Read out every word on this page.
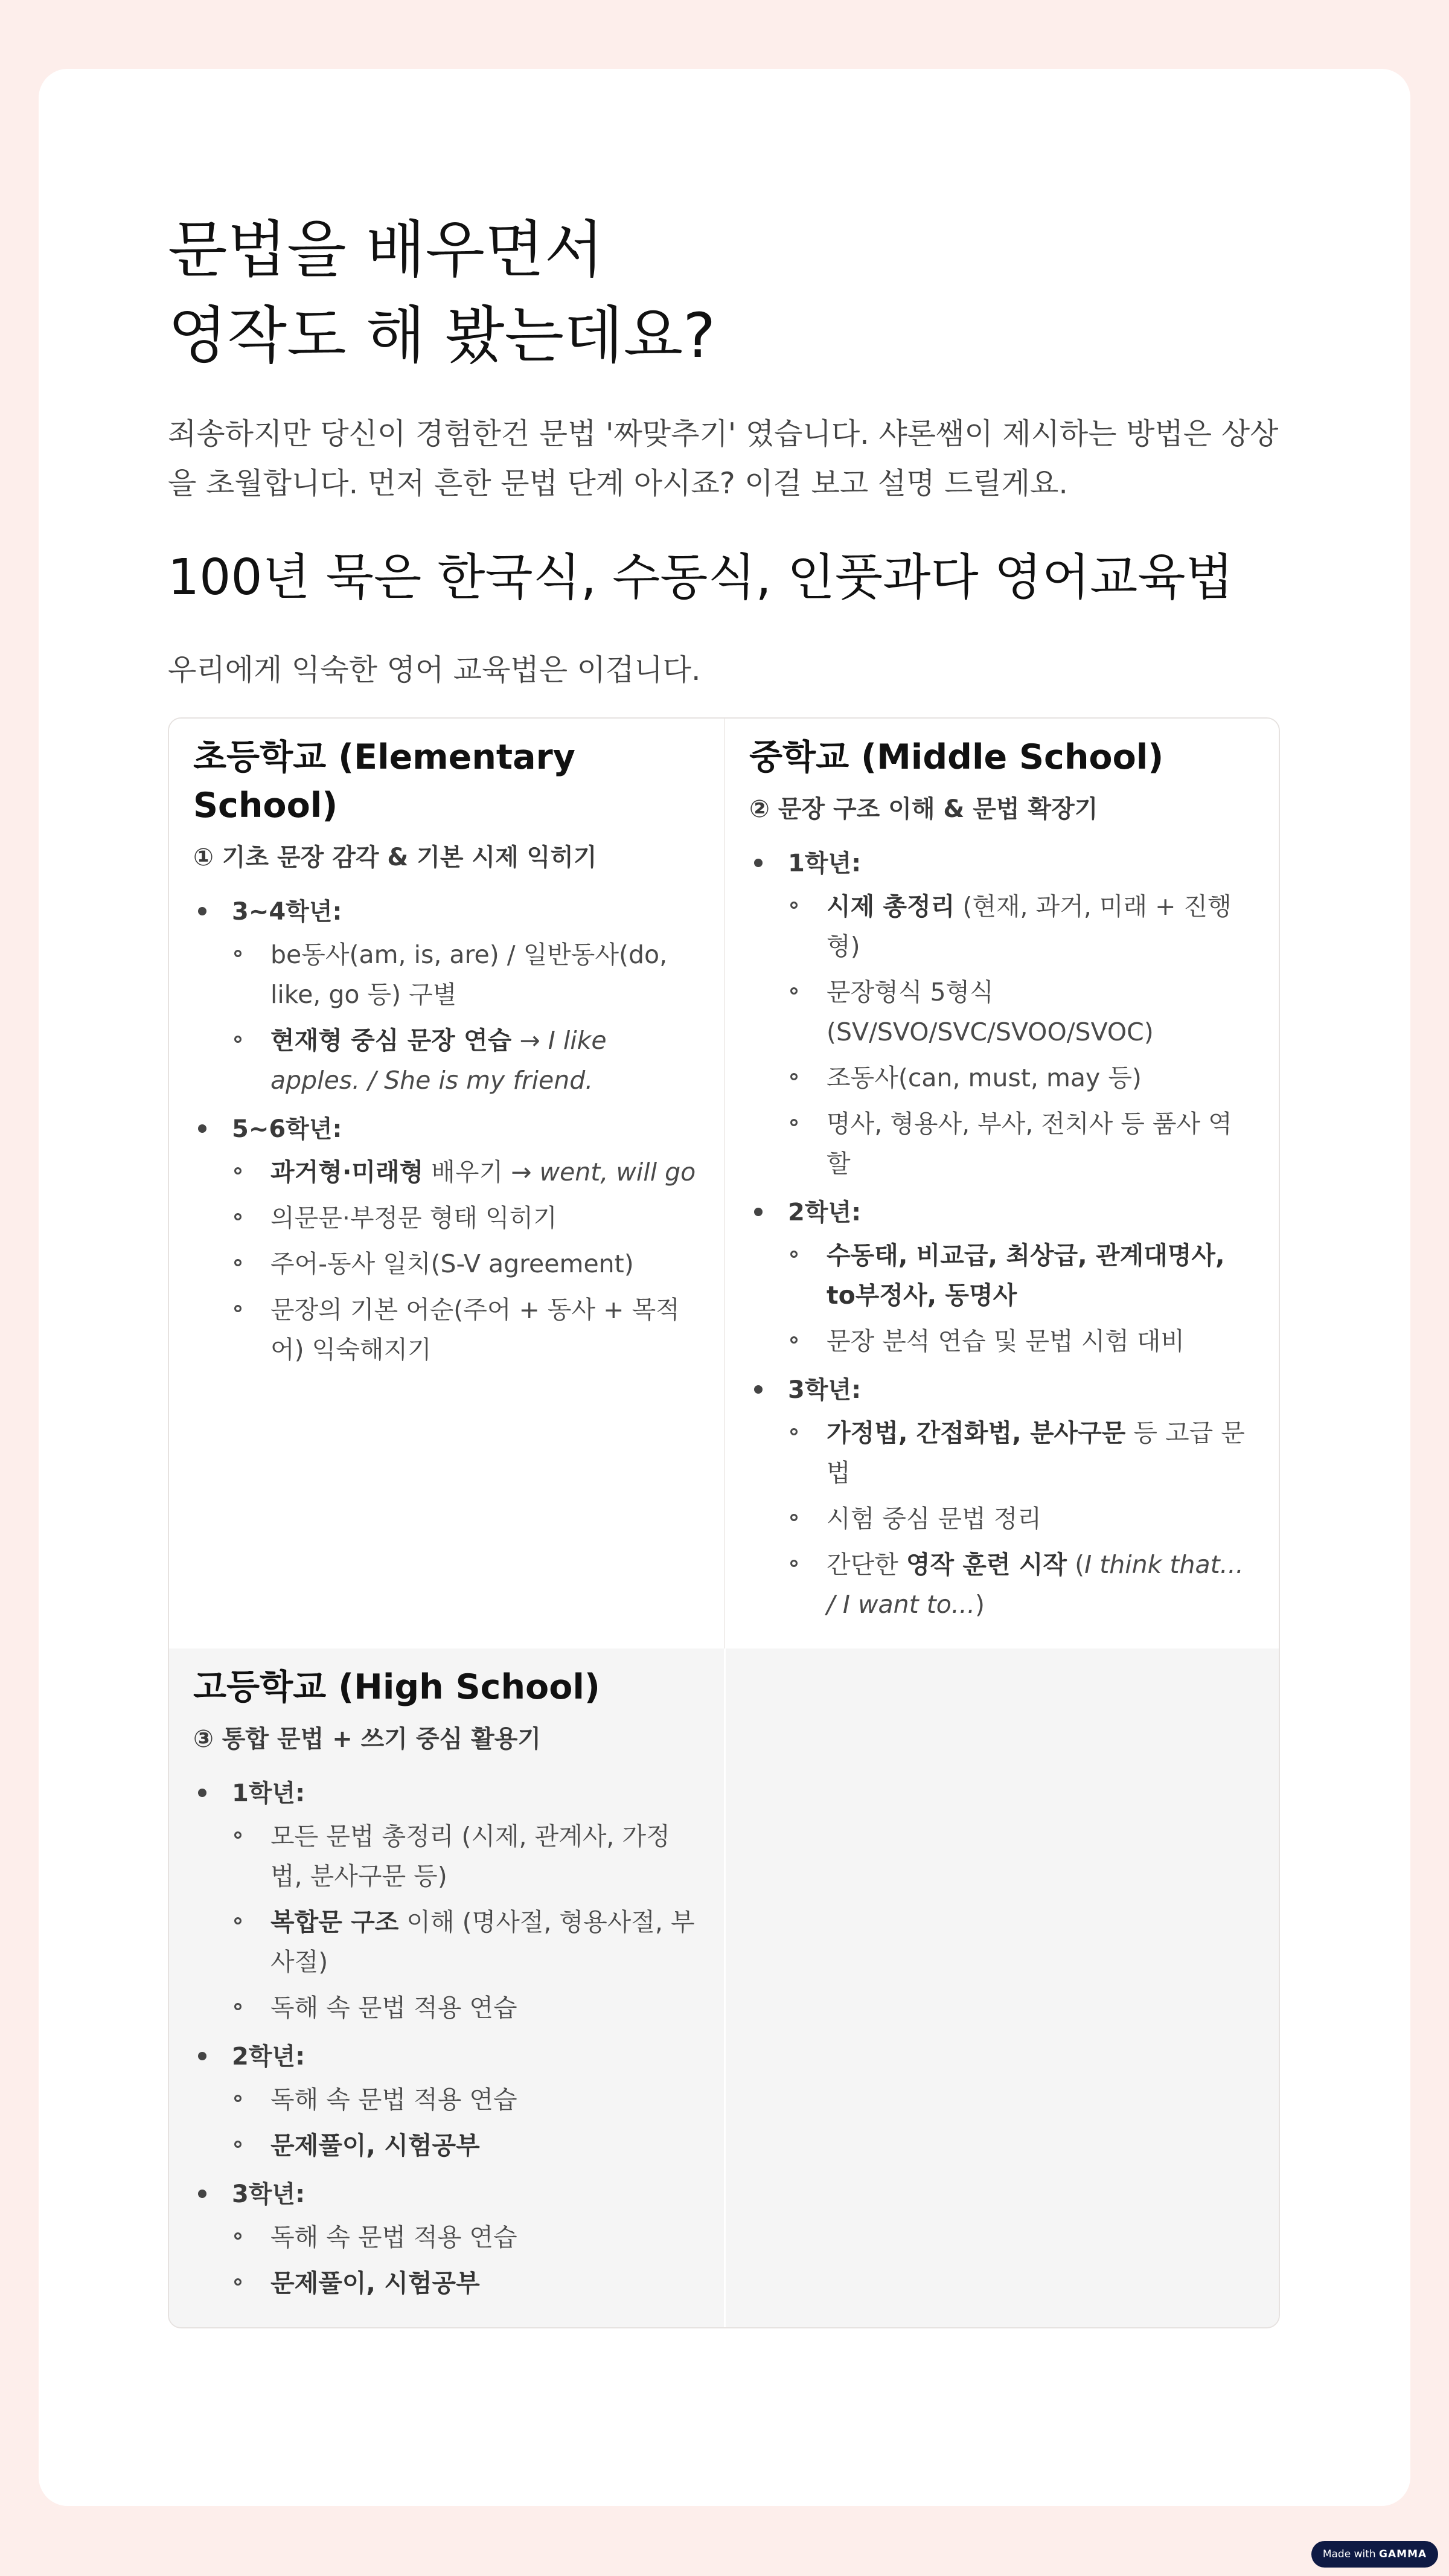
문법을 배우면서
영작도 해 봤는데요?

죄송하지만 당신이 경험한건 문법 '짜맞추기' 였습니다. 샤론쌤이 제시하는 방법은 상상을 초월합니다. 먼저 흔한 문법 단계 아시죠? 이걸 보고 설명 드릴게요.

100년 묵은 한국식, 수동식, 인풋과다 영어교육법

우리에게 익숙한 영어 교육법은 이겁니다.

초등학교 (Elementary School)
① 기초 문장 감각 & 기본 시제 익히기
3~4학년:
be동사(am, is, are) / 일반동사(do, like, go 등) 구별
현재형 중심 문장 연습 → I like apples. / She is my friend.
5~6학년:
과거형·미래형 배우기 → went, will go
의문문·부정문 형태 익히기
주어-동사 일치(S-V agreement)
문장의 기본 어순(주어 + 동사 + 목적어) 익숙해지기
중학교 (Middle School)
② 문장 구조 이해 & 문법 확장기
1학년:
시제 총정리 (현재, 과거, 미래 + 진행형)
문장형식 5형식 (SV/SVO/SVC/SVOO/SVOC)
조동사(can, must, may 등)
명사, 형용사, 부사, 전치사 등 품사 역할
2학년:
수동태, 비교급, 최상급, 관계대명사, to부정사, 동명사
문장 분석 연습 및 문법 시험 대비
3학년:
가정법, 간접화법, 분사구문 등 고급 문법
시험 중심 문법 정리
간단한 영작 훈련 시작 (I think that... / I want to...)
고등학교 (High School)
③ 통합 문법 + 쓰기 중심 활용기
1학년:
모든 문법 총정리 (시제, 관계사, 가정법, 분사구문 등)
복합문 구조 이해 (명사절, 형용사절, 부사절)
독해 속 문법 적용 연습
2학년:
독해 속 문법 적용 연습
문제풀이, 시험공부
3학년:
독해 속 문법 적용 연습
문제풀이, 시험공부
Made with GAMMA
